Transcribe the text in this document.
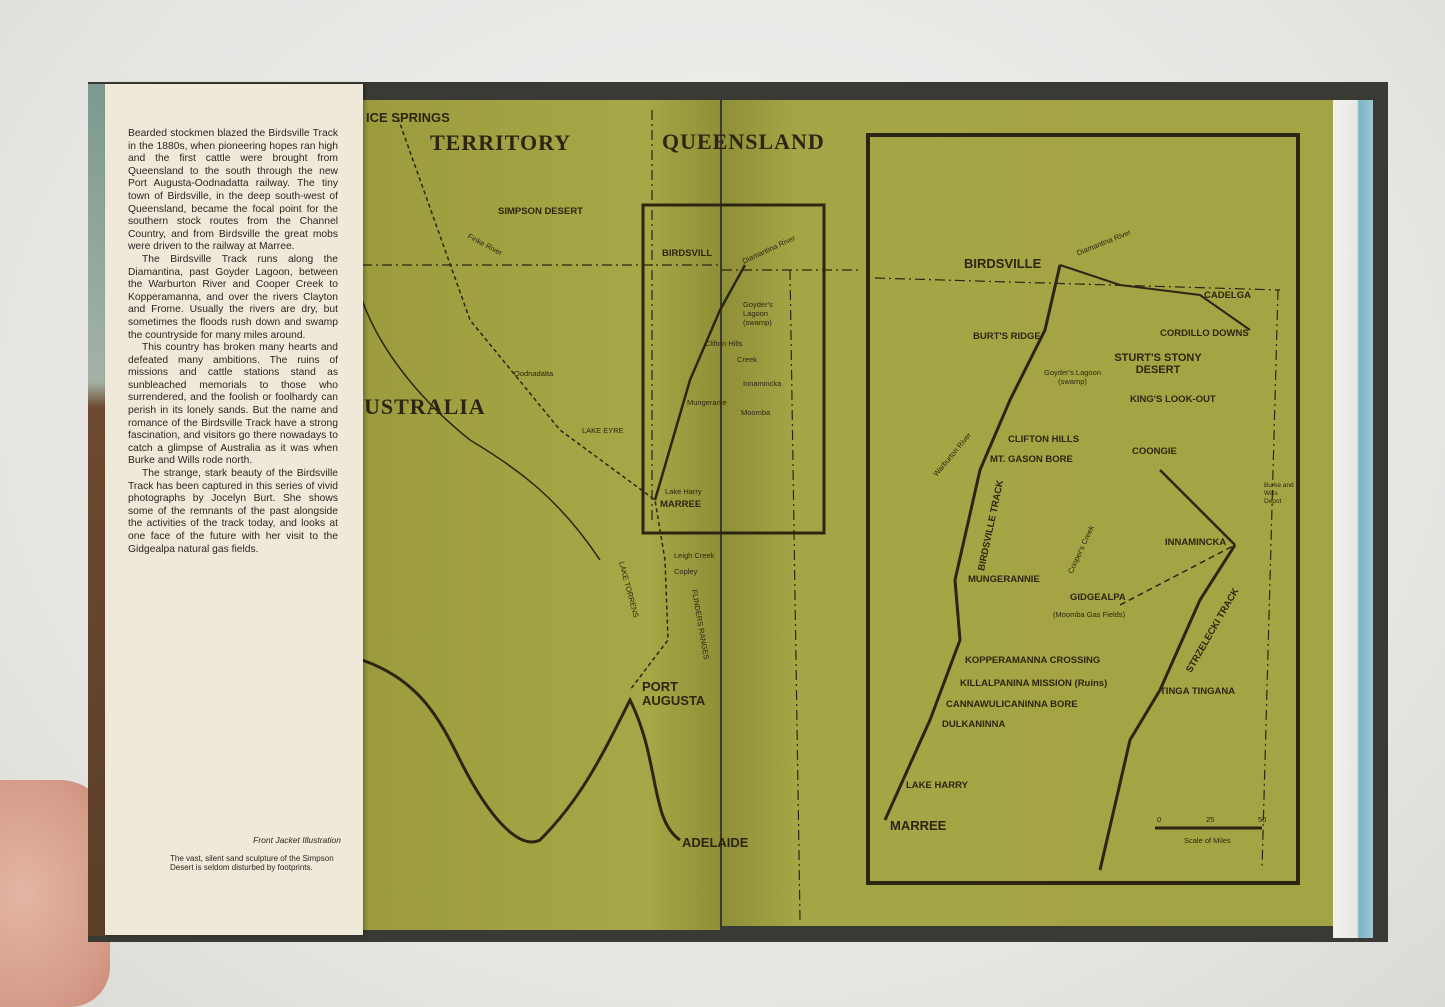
Bearded stockmen blazed the Birdsville Track in the 1880s, when pioneering hopes ran high and the first cattle were brought from Queensland to the south through the new Port Augusta-Oodnadatta railway. The tiny town of Birdsville, in the deep south-west of Queensland, became the focal point for the southern stock routes from the Channel Country, and from Birdsville the great mobs were driven to the railway at Marree.

The Birdsville Track runs along the Diamantina, past Goyder Lagoon, between the Warburton River and Cooper Creek to Kopperamanna, and over the rivers Clayton and Frome. Usually the rivers are dry, but sometimes the floods rush down and swamp the countryside for many miles around.

This country has broken many hearts and defeated many ambitions. The ruins of missions and cattle stations stand as sunbleached memorials to those who surrendered, and the foolish or foolhardy can perish in its lonely sands. But the name and romance of the Birdsville Track have a strong fascination, and visitors go there nowadays to catch a glimpse of Australia as it was when Burke and Wills rode north.

The strange, stark beauty of the Birdsville Track has been captured in this series of vivid photographs by Jocelyn Burt. She shows some of the remnants of the past alongside the activities of the track today, and looks at one face of the future with her visit to the Gidgealpa natural gas fields.

Front Jacket Illustration
The vast, silent sand sculpture of the Simpson Desert is seldom disturbed by footprints.
TERRITORY	QUEENSLAND
USTRALIA
ICE SPRINGS
SIMPSON DESERT
BIRDSVILL
Oodnadatta
Clifton Hills
Innamincka
Mungeranie
Moomba
Lake Harry
MARREE
Leigh Creek
Copley
PORT AUGUSTA
ADELAIDE
Finke River	Diamantina River
Goyder's Lagoon (swamp)
Creek
LAKE EYRE
LAKE TORRENS	FLINDERS RANGES
BIRDSVILLE
CADELGA
CORDILLO DOWNS
BURT'S RIDGE
STURT'S STONY DESERT
KING'S LOOK-OUT
CLIFTON HILLS
MT. GASON BORE
COONGIE
INNAMINCKA
MUNGERANNIE
GIDGEALPA
(Moomba Gas Fields)
KOPPERAMANNA CROSSING
KILLALPANINA MISSION (Ruins)
CANNAWULICANINNA BORE
DULKANINNA
TINGA TINGANA
LAKE HARRY
MARREE
Burke and Wills Depot
Diamantina River
Goyder's Lagoon (swamp)
Warburton River
BIRDSVILLE TRACK	Cooper's Creek
STRZELECKI TRACK
0	25	50
Scale of Miles
